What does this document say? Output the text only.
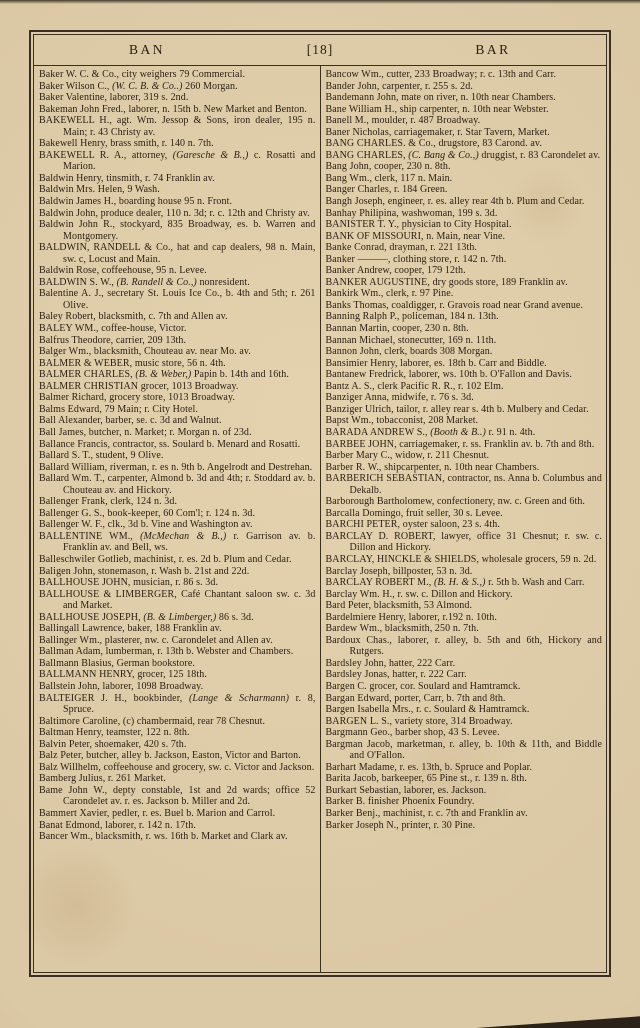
BAN	[18]	BAR

Baker W. C. & Co., city weighers 79 Commercial.

Baker Wilson C., (W. C. B. & Co..) 260 Morgan.

Baker Valentine, laborer, 319 s. 2nd.

Bakeman John Fred., laborer, n. 15th b. New Market and Benton.

BAKEWELL H., agt. Wm. Jessop & Sons, iron dealer, 195 n. Main; r. 43 Christy av.

Bakewell Henry, brass smith, r. 140 n. 7th.

BAKEWELL R. A., attorney, (Garesche & B.,) c. Rosatti and Marion.

Baldwin Henry, tinsmith, r. 74 Franklin av.

Baldwin Mrs. Helen, 9 Wash.

Baldwin James H., boarding house 95 n. Front.

Baldwin John, produce dealer, 110 n. 3d; r. c. 12th and Christy av.

Baldwin John R., stockyard, 835 Broadway, es. b. Warren and Montgomery.

BALDWIN, RANDELL & Co., hat and cap dealers, 98 n. Main, sw. c, Locust and Main.

Baldwin Rose, coffeehouse, 95 n. Levee.

BALDWIN S. W., (B. Randell & Co.,) nonresident.

Balentine A. J., secretary St. Louis Ice Co., b. 4th and 5th; r. 261 Olive.

Baley Robert, blacksmith, c. 7th and Allen av.

BALEY WM., coffee-house, Victor.

Balfrus Theodore, carrier, 209 13th.

Balger Wm., blacksmith, Chouteau av. near Mo. av.

BALMER & WEBER, music store, 56 n. 4th.

BALMER CHARLES, (B. & Weber,) Papin b. 14th and 16th.

BALMER CHRISTIAN grocer, 1013 Broadway.

Balmer Richard, grocery store, 1013 Broadway.

Balms Edward, 79 Main; r. City Hotel.

Ball Alexander, barber, se. c. 3d and Walnut.

Ball James, butcher, n. Market; r. Morgan n. of 23d.

Ballance Francis, contractor, ss. Soulard b. Menard and Rosatti.

Ballard S. T., student, 9 Olive.

Ballard William, riverman, r. es n. 9th b. Angelrodt and Destrehan.

Ballard Wm. T., carpenter, Almond b. 3d and 4th; r. Stoddard av. b. Chouteau av. and Hickory.

Ballenger Frank, clerk, 124 n. 3d.

Ballenger G. S., book-keeper, 60 Com'l; r. 124 n. 3d.

Ballenger W. F., clk., 3d b. Vine and Washington av.

BALLENTINE WM., (McMechan & B.,) r. Garrison av. b. Franklin av. and Bell, ws.

Balleschwiler Gotlieb, machinist, r. es. 2d b. Plum and Cedar.

Baligen John, stonemason, r. Wash b. 21st and 22d.

BALLHOUSE JOHN, musician, r. 86 s. 3d.

BALLHOUSE & LIMBERGER, Café Chantant saloon sw. c. 3d and Market.

BALLHOUSE JOSEPH, (B. & Limberger,) 86 s. 3d.

Ballingall Lawrence, baker, 188 Franklin av.

Ballinger Wm., plasterer, nw. c. Carondelet and Allen av.

Ballman Adam, lumberman, r. 13th b. Webster and Chambers.

Ballmann Blasius, German bookstore.

BALLMANN HENRY, grocer, 125 18th.

Ballstein John, laborer, 1098 Broadway.

BALTEIGER J. H., bookbinder, (Lange & Scharmann) r. 8, Spruce.

Baltimore Caroline, (c) chambermaid, rear 78 Chesnut.

Baltman Henry, teamster, 122 n. 8th.

Balvin Peter, shoemaker, 420 s. 7th.

Balz Peter, butcher, alley b. Jackson, Easton, Victor and Barton.

Balz Willhelm, coffeehouse and grocery, sw. c. Victor and Jackson.

Bamberg Julius, r. 261 Market.

Bame John W., depty constable, 1st and 2d wards; office 52 Carondelet av. r. es. Jackson b. Miller and 2d.

Bammert Xavier, pedler, r. es. Buel b. Marion and Carrol.

Banat Edmond, laborer, r. 142 n. 17th.

Bancer Wm., blacksmith, r. ws. 16th b. Market and Clark av.

Bancow Wm., cutter, 233 Broadway; r. c. 13th and Carr.

Bander John, carpenter, r. 255 s. 2d.

Bandemann John, mate on river, n. 10th near Chambers.

Bane William H., ship carpenter, n. 10th near Webster.

Banell M., moulder, r. 487 Broadway.

Baner Nicholas, carriagemaker, r. Star Tavern, Market.

BANG CHARLES. & Co., drugstore, 83 Carond. av.

BANG CHARLES, (C. Bang & Co.,) druggist, r. 83 Carondelet av.

Bang John, cooper, 230 n. 8th.

Bang Wm., clerk, 117 n. Main.

Banger Charles, r. 184 Green.

Bangh Joseph, engineer, r. es. alley rear 4th b. Plum and Cedar.

Banhay Philipina, washwoman, 199 s. 3d.

BANISTER T. Y., physician to City Hospital.

BANK OF MISSOURI, n. Main, near Vine.

Banke Conrad, drayman, r. 221 13th.

Banker ———, clothing store, r. 142 n. 7th.

Banker Andrew, cooper, 179 12th.

BANKER AUGUSTINE, dry goods store, 189 Franklin av.

Bankirk Wm., clerk, r. 97 Pine.

Banks Thomas, coaldigger, r. Gravois road near Grand avenue.

Banning Ralph P., policeman, 184 n. 13th.

Bannan Martin, cooper, 230 n. 8th.

Bannan Michael, stonecutter, 169 n. 11th.

Bannon John, clerk, boards 308 Morgan.

Bansimier Henry, laborer, es. 18th b. Carr and Biddle.

Bantanew Fredrick, laborer, ws. 10th b. O'Fallon and Davis.

Bantz A. S., clerk Pacific R. R., r. 102 Elm.

Banziger Anna, midwife, r. 76 s. 3d.

Banziger Ulrich, tailor, r. alley rear s. 4th b. Mulbery and Cedar.

Bapst Wm., tobacconist, 208 Market.

BARADA ANDREW S., (Booth & B..) r. 91 n. 4th.

BARBEE JOHN, carriagemaker, r. ss. Franklin av. b. 7th and 8th.

Barber Mary C., widow, r. 211 Chesnut.

Barber R. W., shipcarpenter, n. 10th near Chambers.

BARBERICH SEBASTIAN, contractor, ns. Anna b. Columbus and Dekalb.

Barborough Bartholomew, confectionery, nw. c. Green and 6th.

Barcalla Domingo, fruit seller, 30 s. Levee.

BARCHI PETER, oyster saloon, 23 s. 4th.

BARCLAY D. ROBERT, lawyer, office 31 Chesnut; r. sw. c. Dillon and Hickory.

BARCLAY, HINCKLE & SHIELDS, wholesale grocers, 59 n. 2d.

Barclay Joseph, billposter, 53 n. 3d.

BARCLAY ROBERT M., (B. H. & S.,) r. 5th b. Wash and Carr.

Barclay Wm. H., r. sw. c. Dillon and Hickory.

Bard Peter, blacksmith, 53 Almond.

Bardelmiere Henry, laborer, r.192 n. 10th.

Bardew Wm., blacksmith, 250 n. 7th.

Bardoux Chas., laborer, r. alley, b. 5th and 6th, Hickory and Rutgers.

Bardsley John, hatter, 222 Carr.

Bardsley Jonas, hatter, r. 222 Carr.

Bargen C. grocer, cor. Soulard and Hamtramck.

Bargan Edward, porter, Carr, b. 7th and 8th.

Bargen Isabella Mrs., r. c. Soulard & Hamtramck.

BARGEN L. S., variety store, 314 Broadway.

Bargmann Geo., barber shop, 43 S. Levee.

Bargman Jacob, marketman, r. alley, b. 10th & 11th, and Biddle and O'Fallon.

Barhart Madame, r. es. 13th, b. Spruce and Poplar.

Barita Jacob, barkeeper, 65 Pine st., r. 139 n. 8th.

Burkart Sebastian, laborer, es. Jackson.

Barker B. finisher Phoenix Foundry.

Barker Benj., machinist, r. c. 7th and Franklin av.

Barker Joseph N., printer, r. 30 Pine.
